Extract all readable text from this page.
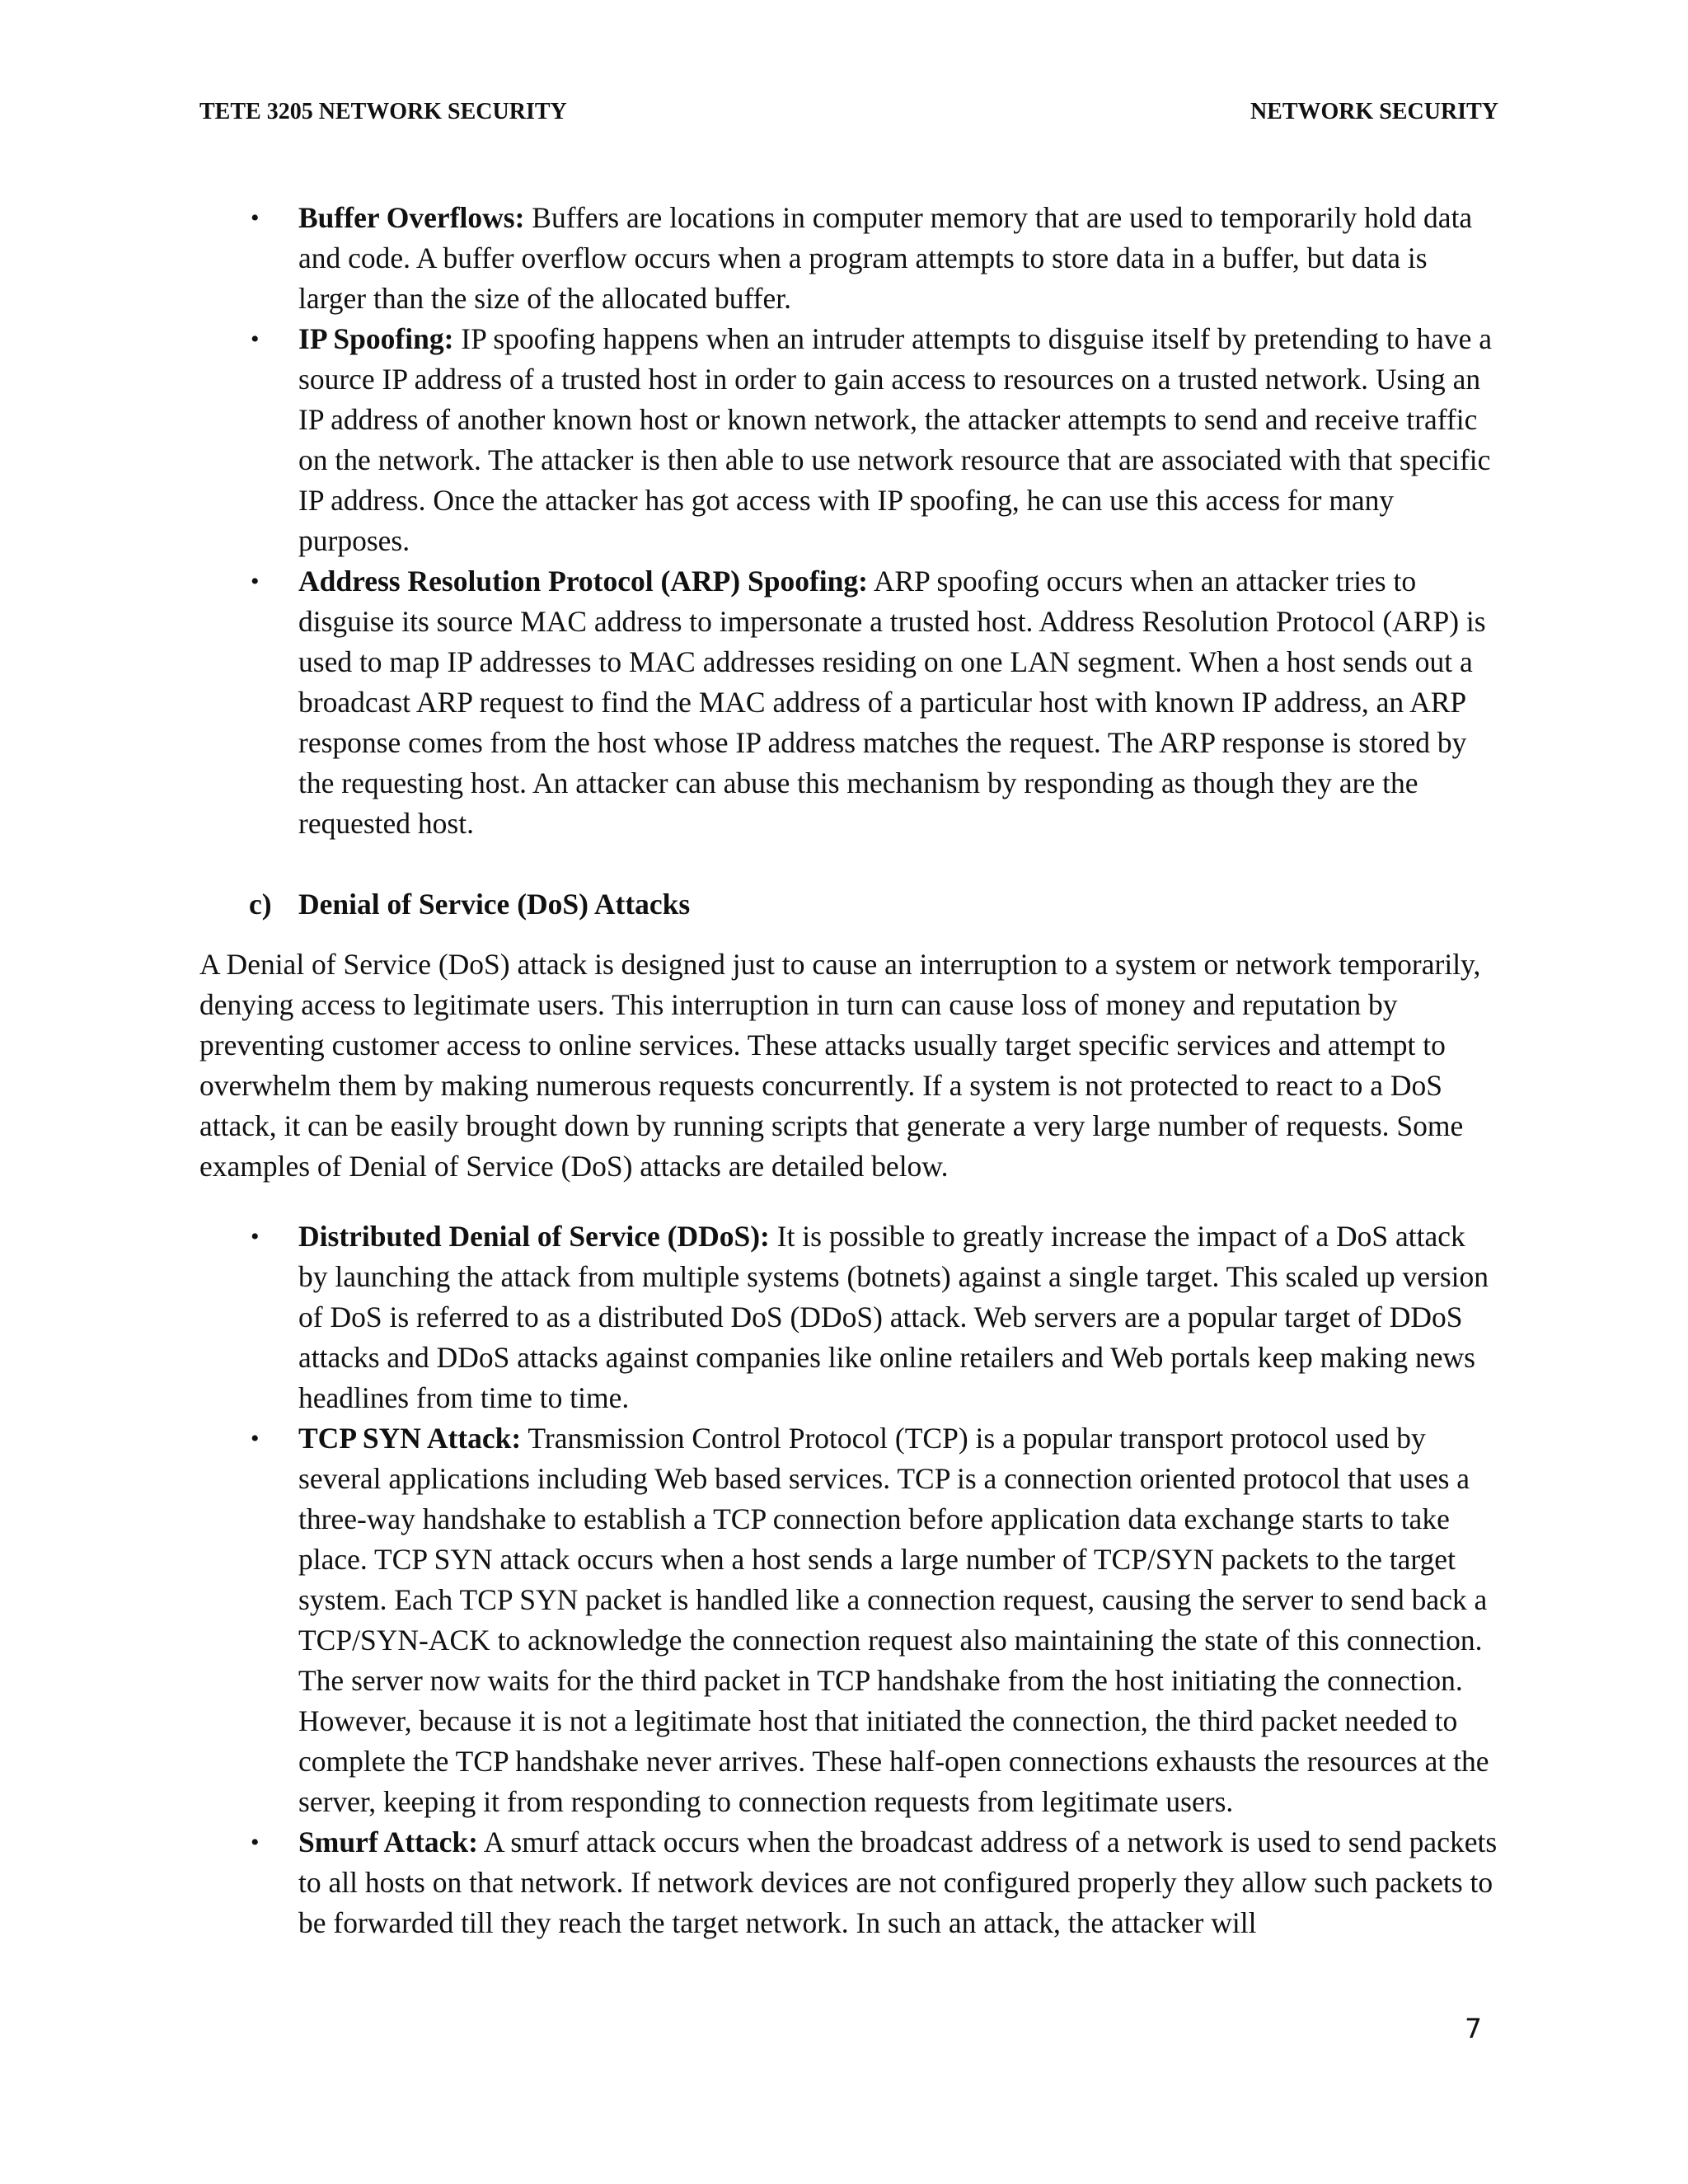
TETE 3205 NETWORK SECURITY	NETWORK SECURITY
• Buffer Overflows: Buffers are locations in computer memory that are used to temporarily hold data and code. A buffer overflow occurs when a program attempts to store data in a buffer, but data is larger than the size of the allocated buffer.
• IP Spoofing: IP spoofing happens when an intruder attempts to disguise itself by pretending to have a source IP address of a trusted host in order to gain access to resources on a trusted network. Using an IP address of another known host or known network, the attacker attempts to send and receive traffic on the network. The attacker is then able to use network resource that are associated with that specific IP address. Once the attacker has got access with IP spoofing, he can use this access for many purposes.
• Address Resolution Protocol (ARP) Spoofing: ARP spoofing occurs when an attacker tries to disguise its source MAC address to impersonate a trusted host. Address Resolution Protocol (ARP) is used to map IP addresses to MAC addresses residing on one LAN segment. When a host sends out a broadcast ARP request to find the MAC address of a particular host with known IP address, an ARP response comes from the host whose IP address matches the request. The ARP response is stored by the requesting host. An attacker can abuse this mechanism by responding as though they are the requested host.
c) Denial of Service (DoS) Attacks

A Denial of Service (DoS) attack is designed just to cause an interruption to a system or network temporarily, denying access to legitimate users. This interruption in turn can cause loss of money and reputation by preventing customer access to online services. These attacks usually target specific services and attempt to overwhelm them by making numerous requests concurrently. If a system is not protected to react to a DoS attack, it can be easily brought down by running scripts that generate a very large number of requests. Some examples of Denial of Service (DoS) attacks are detailed below.

• Distributed Denial of Service (DDoS): It is possible to greatly increase the impact of a DoS attack by launching the attack from multiple systems (botnets) against a single target. This scaled up version of DoS is referred to as a distributed DoS (DDoS) attack. Web servers are a popular target of DDoS attacks and DDoS attacks against companies like online retailers and Web portals keep making news headlines from time to time.
• TCP SYN Attack: Transmission Control Protocol (TCP) is a popular transport protocol used by several applications including Web based services. TCP is a connection oriented protocol that uses a three-way handshake to establish a TCP connection before application data exchange starts to take place. TCP SYN attack occurs when a host sends a large number of TCP/SYN packets to the target system. Each TCP SYN packet is handled like a connection request, causing the server to send back a TCP/SYN-ACK to acknowledge the connection request also maintaining the state of this connection. The server now waits for the third packet in TCP handshake from the host initiating the connection. However, because it is not a legitimate host that initiated the connection, the third packet needed to complete the TCP handshake never arrives. These half-open connections exhausts the resources at the server, keeping it from responding to connection requests from legitimate users.
• Smurf Attack: A smurf attack occurs when the broadcast address of a network is used to send packets to all hosts on that network. If network devices are not configured properly they allow such packets to be forwarded till they reach the target network. In such an attack, the attacker will
7
